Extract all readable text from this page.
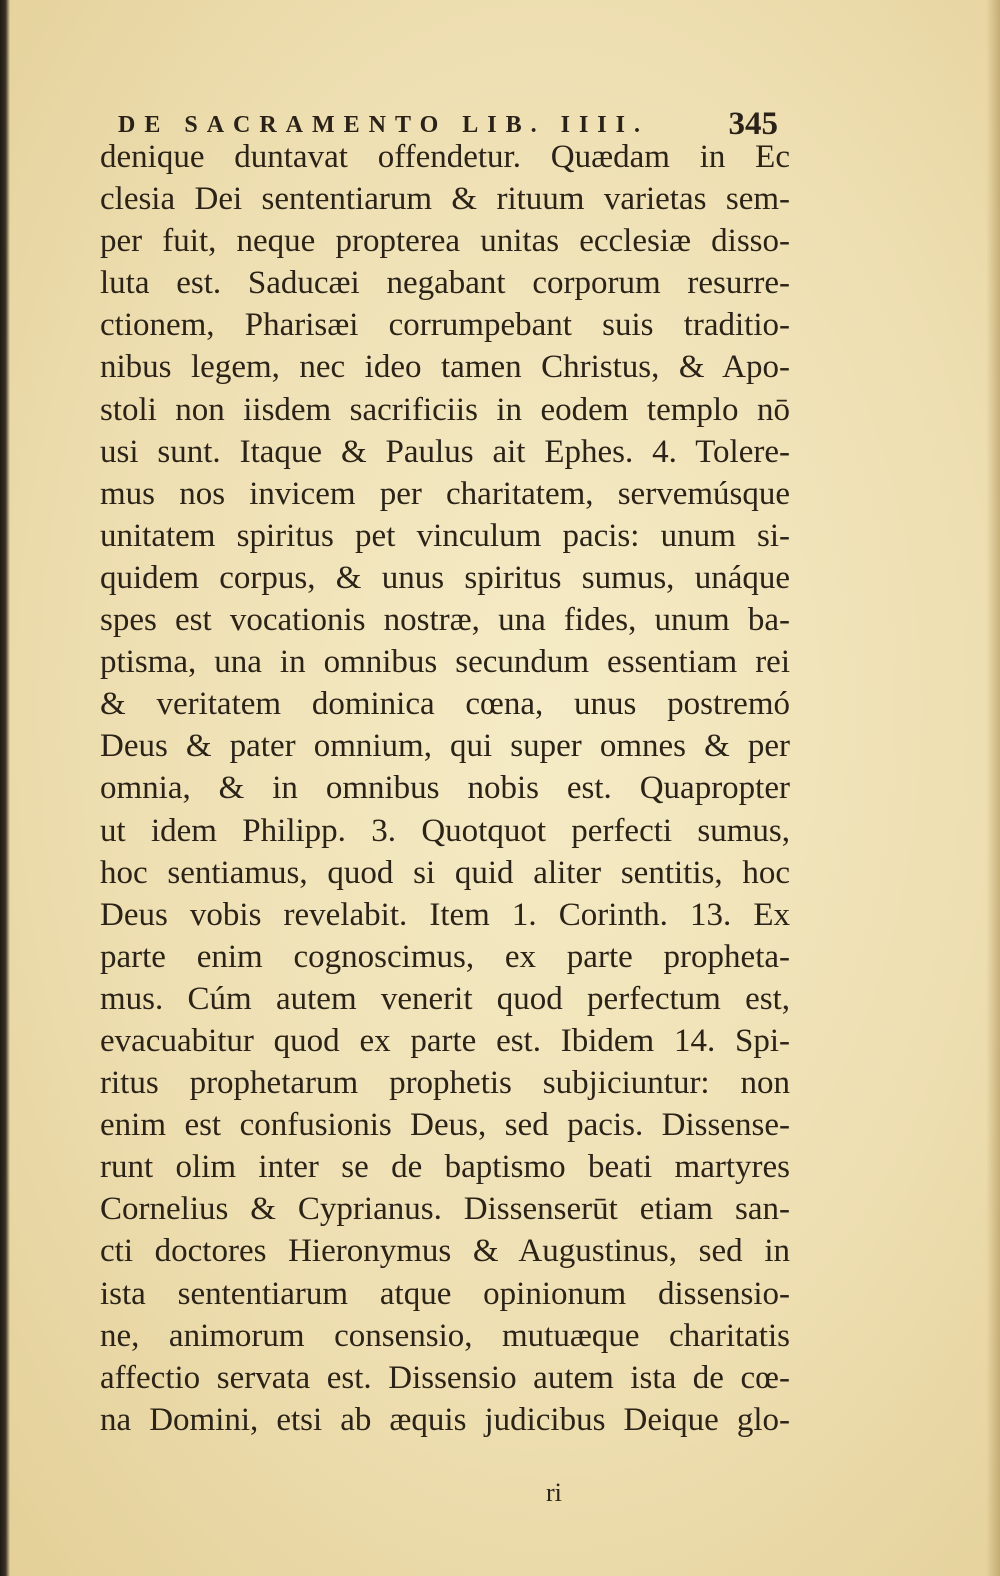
DE SACRAMENTO LIB. IIII. 345
denique duntavat offendetur. Quædam in Ec
clesia Dei sententiarum & rituum varietas sem-
per fuit, neque propterea unitas ecclesiæ disso-
luta est. Saducæi negabant corporum resurre-
ctionem, Pharisæi corrumpebant suis traditio-
nibus legem, nec ideo tamen Christus, & Apo-
stoli non iisdem sacrificiis in eodem templo nō
usi sunt. Itaque & Paulus ait Ephes. 4. Tolere-
mus nos invicem per charitatem, servemúsque
unitatem spiritus pet vinculum pacis: unum si-
quidem corpus, & unus spiritus sumus, unáque
spes est vocationis nostræ, una fides, unum ba-
ptisma, una in omnibus secundum essentiam rei
& veritatem dominica cœna, unus postremó
Deus & pater omnium, qui super omnes & per
omnia, & in omnibus nobis est. Quapropter
ut idem Philipp. 3. Quotquot perfecti sumus,
hoc sentiamus, quod si quid aliter sentitis, hoc
Deus vobis revelabit. Item 1. Corinth. 13. Ex
parte enim cognoscimus, ex parte propheta-
mus. Cúm autem venerit quod perfectum est,
evacuabitur quod ex parte est. Ibidem 14. Spi-
ritus prophetarum prophetis subjiciuntur: non
enim est confusionis Deus, sed pacis. Dissense-
runt olim inter se de baptismo beati martyres
Cornelius & Cyprianus. Dissenserūt etiam san-
cti doctores Hieronymus & Augustinus, sed in
ista sententiarum atque opinionum dissensio-
ne, animorum consensio, mutuæque charitatis
affectio servata est. Dissensio autem ista de cœ-
na Domini, etsi ab æquis judicibus Deique glo-
ri
